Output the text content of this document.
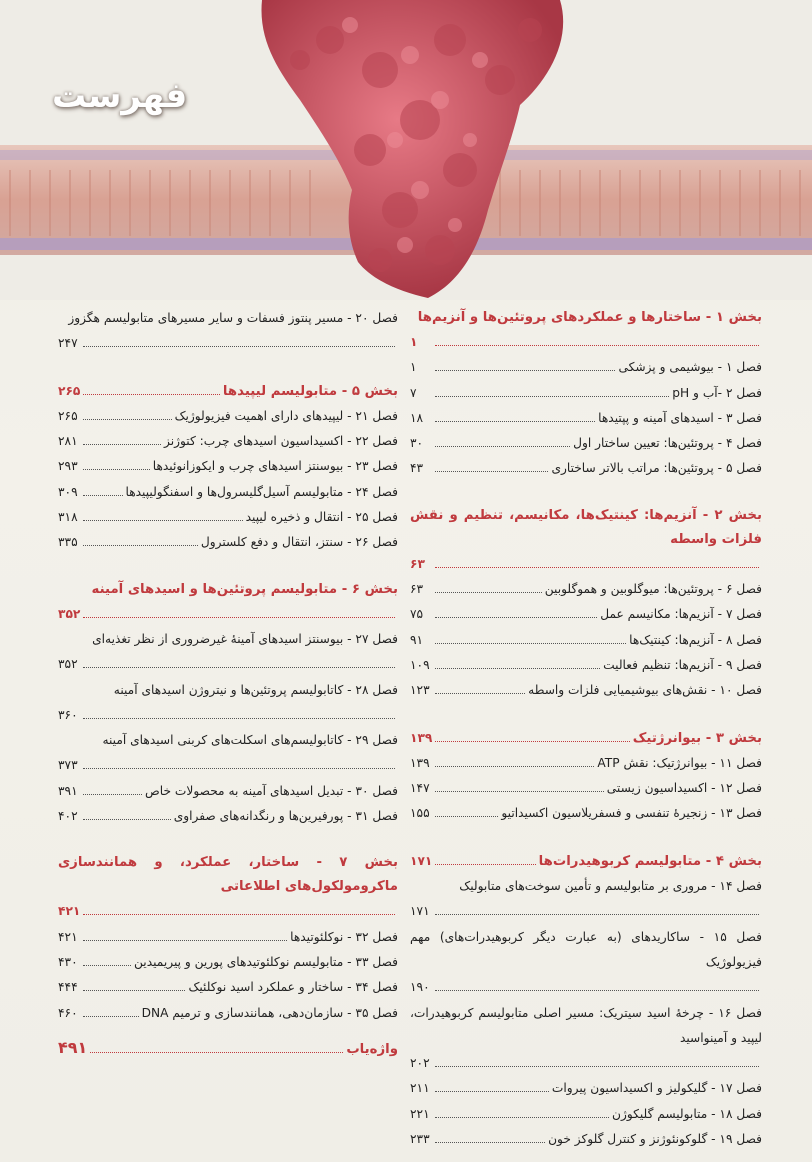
فهرست
بخش ۱ - ساختارها و عملکردهای پروتئین‌ها و آنزیم‌ها
۱
فصل ۱ - بیوشیمی و پزشکی
۱
فصل ۲ -آب و pH
۷
فصل ۳ - اسیدهای آمینه و پپتیدها
۱۸
فصل ۴ - پروتئین‌ها: تعیین ساختار اول
۳۰
فصل ۵ - پروتئین‌ها: مراتب بالاتر ساختاری
۴۳
بخش ۲ - آنزیم‌ها: کینتیک‌ها، مکانیسم، تنظیم و نقش فلزات واسطه
۶۳
فصل ۶ - پروتئین‌ها: میوگلوبین و هموگلوبین
۶۳
فصل ۷ - آنزیم‌ها: مکانیسم عمل
۷۵
فصل ۸ - آنزیم‌ها: کینتیک‌ها
۹۱
فصل ۹ - آنزیم‌ها: تنظیم فعالیت
۱۰۹
فصل ۱۰ - نقش‌های بیوشیمیایی فلزات واسطه
۱۲۳
بخش ۳ - بیوانرژتیک
۱۳۹
فصل ۱۱ - بیوانرژتیک: نقش ATP
۱۳۹
فصل ۱۲ - اکسیداسیون زیستی
۱۴۷
فصل ۱۳ - زنجیرهٔ تنفسی و فسفریلاسیون اکسیداتیو
۱۵۵
بخش ۴ - متابولیسم کربوهیدرات‌ها
۱۷۱
فصل ۱۴ - مروری بر متابولیسم و تأمین سوخت‌های متابولیک
۱۷۱
فصل ۱۵ - ساکاریدهای (به عبارت دیگر کربوهیدرات‌های) مهم فیزیولوژیک
۱۹۰
فصل ۱۶ - چرخهٔ اسید سیتریک: مسیر اصلی متابولیسم کربوهیدرات، لیپید و آمینواسید
۲۰۲
فصل ۱۷ - گلیکولیز و اکسیداسیون پیروات
۲۱۱
فصل ۱۸ - متابولیسم گلیکوژن
۲۲۱
فصل ۱۹ - گلوکونئوژنز و کنترل گلوکز خون
۲۳۳
فصل ۲۰ - مسیر پنتوز فسفات و سایر مسیرهای متابولیسم هگزوز
۲۴۷
بخش ۵ - متابولیسم لیپیدها
۲۶۵
فصل ۲۱ - لیپیدهای دارای اهمیت فیزیولوژیک
۲۶۵
فصل ۲۲ - اکسیداسیون اسیدهای چرب: کتوژنز
۲۸۱
فصل ۲۳ - بیوسنتز اسیدهای چرب و ایکوزانوئیدها
۲۹۳
فصل ۲۴ - متابولیسم آسیل‌گلیسرول‌ها و اسفنگولیپیدها
۳۰۹
فصل ۲۵ - انتقال و ذخیره لیپید
۳۱۸
فصل ۲۶ - سنتز، انتقال و دفع کلسترول
۳۳۵
بخش ۶ - متابولیسم پروتئین‌ها و اسیدهای آمینه
۳۵۲
فصل ۲۷ - بیوسنتز اسیدهای آمینهٔ غیرضروری از نظر تغذیه‌ای
۳۵۲
فصل ۲۸ - کاتابولیسم پروتئین‌ها و نیتروژن اسیدهای آمینه
۳۶۰
فصل ۲۹ - کاتابولیسم‌های اسکلت‌های کربنی اسیدهای آمینه
۳۷۳
فصل ۳۰ - تبدیل اسیدهای آمینه به محصولات خاص
۳۹۱
فصل ۳۱ - پورفیرین‌ها و رنگدانه‌های صفراوی
۴۰۲
بخش ۷ - ساختار، عملکرد، و همانندسازی ماکرومولکول‌های اطلاعاتی
۴۲۱
فصل ۳۲ - نوکلئوتیدها
۴۲۱
فصل ۳۳ - متابولیسم نوکلئوتیدهای پورین و پیریمیدین
۴۳۰
فصل ۳۴ - ساختار و عملکرد اسید نوکلئیک
۴۴۴
فصل ۳۵ - سازمان‌دهی، همانندسازی و ترمیم DNA
۴۶۰
واژه‌یاب
۴۹۱
